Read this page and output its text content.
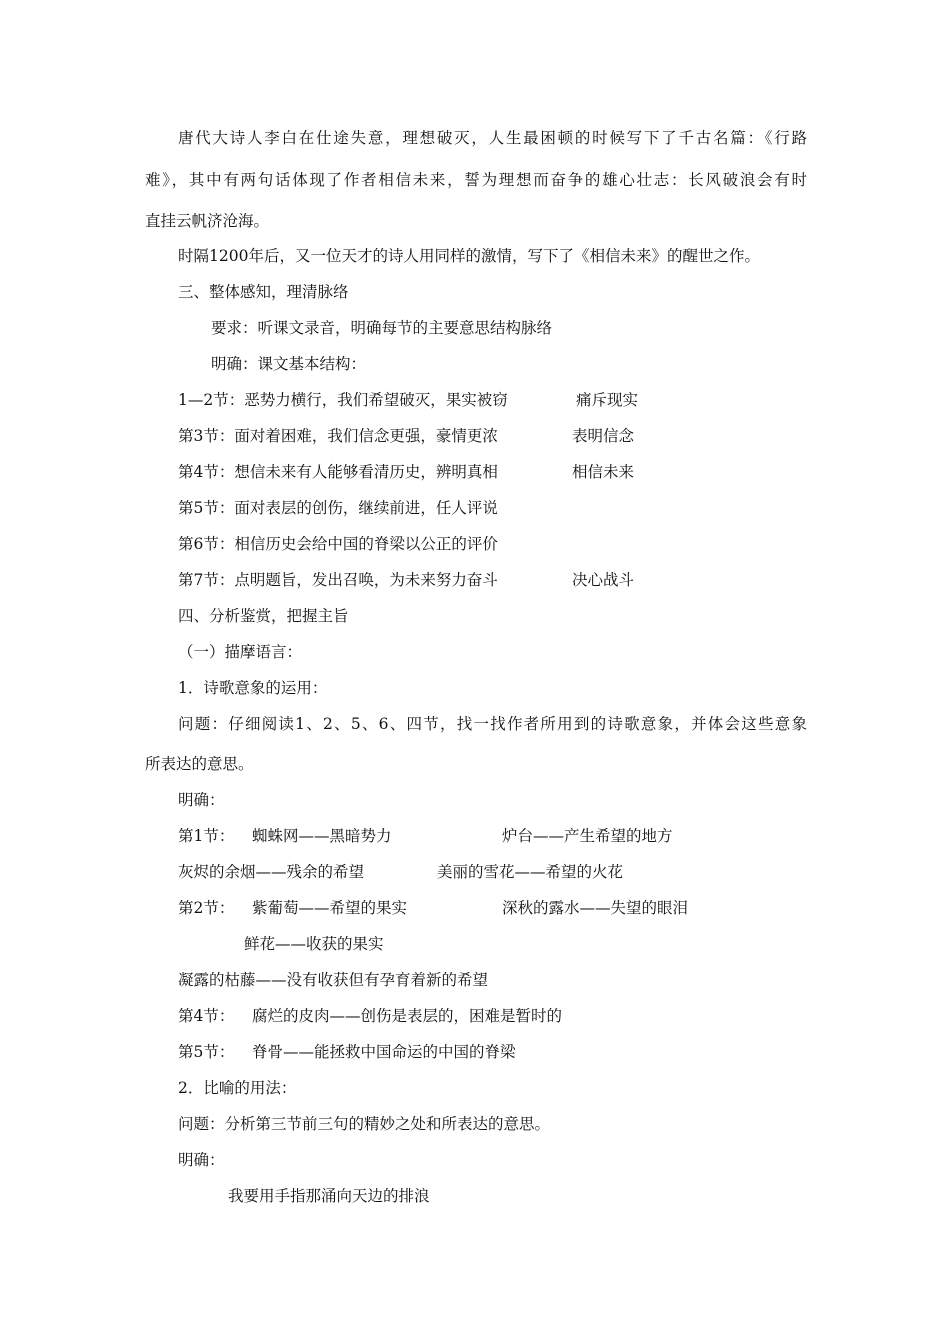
唐代大诗人李白在仕途失意，理想破灭，人生最困顿的时候写下了千古名篇：《行路

难》，其中有两句话体现了作者相信未来，誓为理想而奋争的雄心壮志：长风破浪会有时

直挂云帆济沧海。

时隔1200年后，又一位天才的诗人用同样的激情，写下了《相信未来》的醒世之作。

三、整体感知，理清脉络

要求：听课文录音，明确每节的主要意思结构脉络

明确：课文基本结构：

1—2节：恶势力横行，我们希望破灭，果实被窃	痛斥现实
第3节：面对着困难，我们信念更强，豪情更浓	表明信念
第4节：想信未来有人能够看清历史，辨明真相	相信未来
第5节：面对表层的创伤，继续前进，任人评说
第6节：相信历史会给中国的脊梁以公正的评价
第7节：点明题旨，发出召唤，为未来努力奋斗	决心战斗

四、分析鉴赏，把握主旨

（一）描摩语言：

1．诗歌意象的运用：

问题：仔细阅读1、2、5、6、四节，找一找作者所用到的诗歌意象，并体会这些意象

所表达的意思。

明确：

第1节： 蜘蛛网——黑暗势力	炉台——产生希望的地方
灰烬的余烟——残余的希望	美丽的雪花——希望的火花
第2节： 紫葡萄——希望的果实	深秋的露水——失望的眼泪

鲜花——收获的果实

凝露的枯藤——没有收获但有孕育着新的希望

第4节： 腐烂的皮肉——创伤是表层的，困难是暂时的
第5节： 脊骨——能拯救中国命运的中国的脊梁

2．比喻的用法：

问题：分析第三节前三句的精妙之处和所表达的意思。

明确：

我要用手指那涌向天边的排浪
